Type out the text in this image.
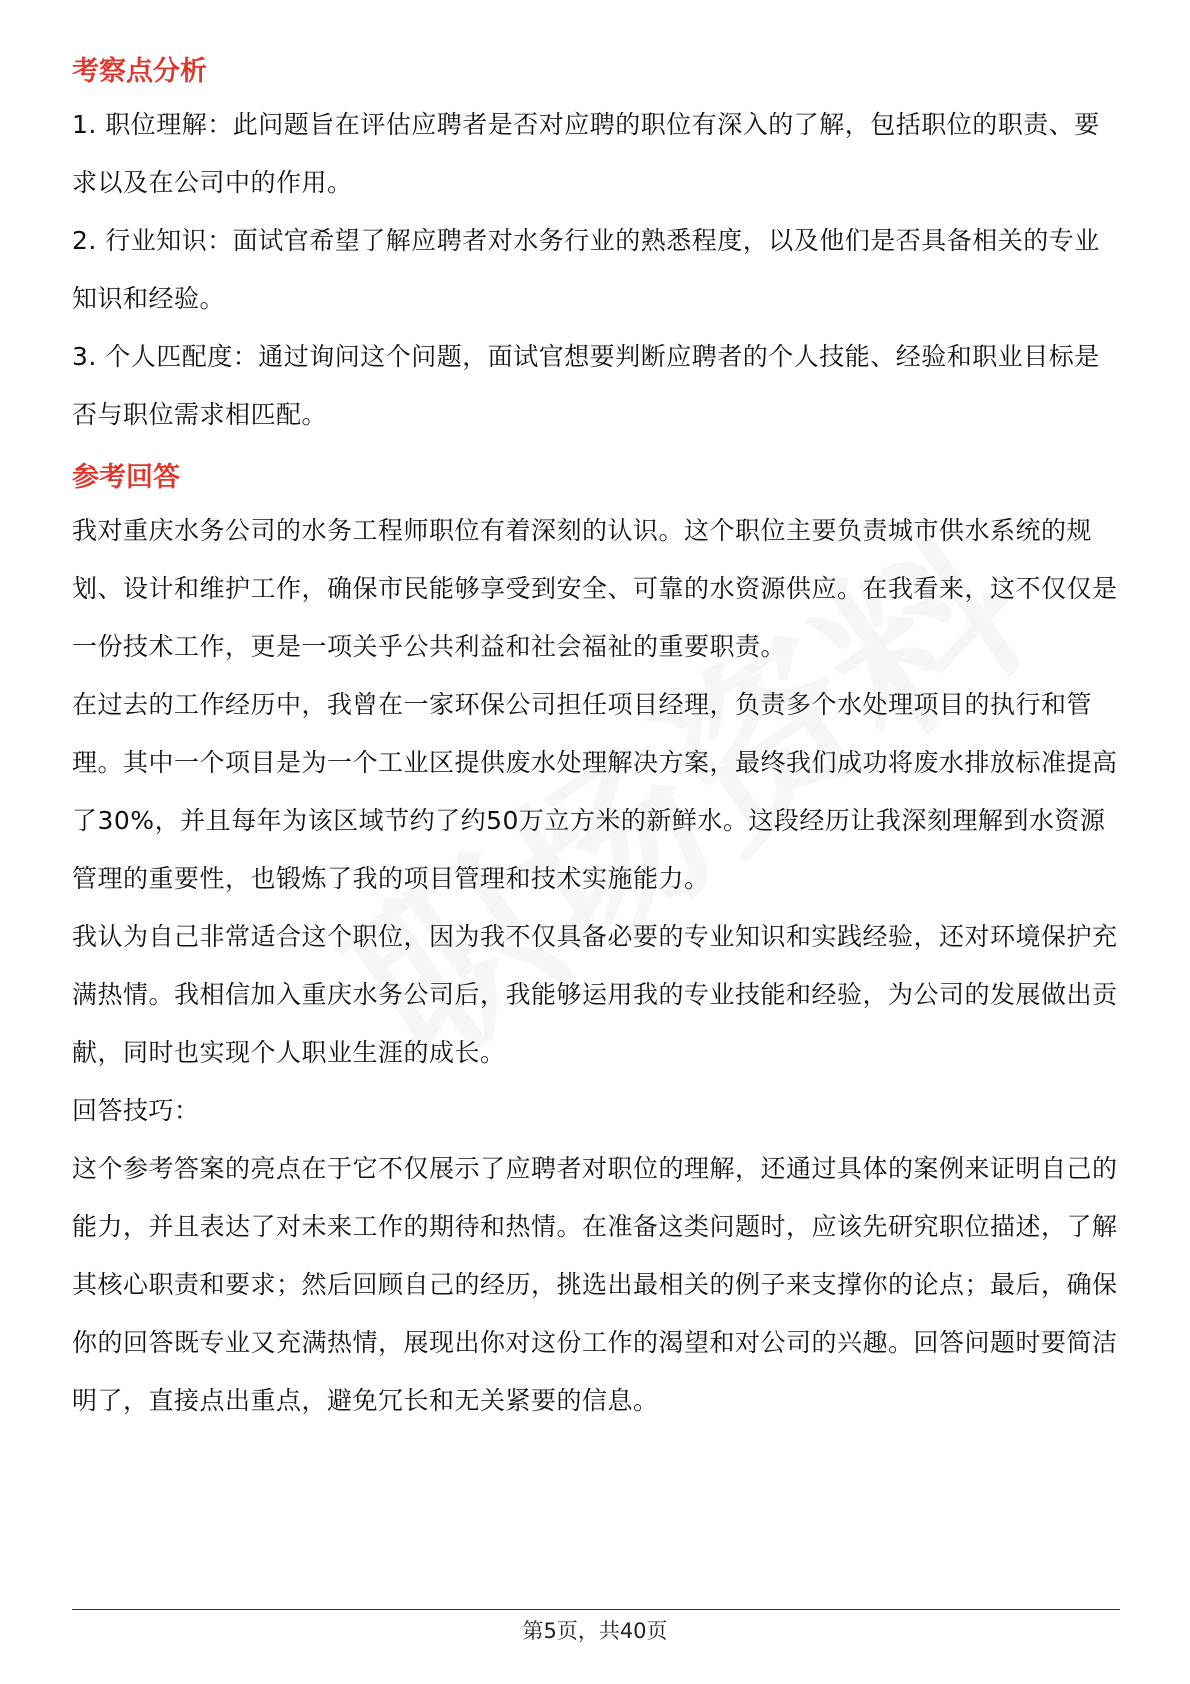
考察点分析

1. 职位理解：此问题旨在评估应聘者是否对应聘的职位有深入的了解，包括职位的职责、要求以及在公司中的作用。

2. 行业知识：面试官希望了解应聘者对水务行业的熟悉程度，以及他们是否具备相关的专业知识和经验。

3. 个人匹配度：通过询问这个问题，面试官想要判断应聘者的个人技能、经验和职业目标是否与职位需求相匹配。

参考回答

我对重庆水务公司的水务工程师职位有着深刻的认识。这个职位主要负责城市供水系统的规划、设计和维护工作，确保市民能够享受到安全、可靠的水资源供应。在我看来，这不仅仅是一份技术工作，更是一项关乎公共利益和社会福祉的重要职责。

在过去的工作经历中，我曾在一家环保公司担任项目经理，负责多个水处理项目的执行和管理。其中一个项目是为一个工业区提供废水处理解决方案，最终我们成功将废水排放标准提高了30%，并且每年为该区域节约了约50万立方米的新鲜水。这段经历让我深刻理解到水资源管理的重要性，也锻炼了我的项目管理和技术实施能力。

我认为自己非常适合这个职位，因为我不仅具备必要的专业知识和实践经验，还对环境保护充满热情。我相信加入重庆水务公司后，我能够运用我的专业技能和经验，为公司的发展做出贡献，同时也实现个人职业生涯的成长。

回答技巧：

这个参考答案的亮点在于它不仅展示了应聘者对职位的理解，还通过具体的案例来证明自己的能力，并且表达了对未来工作的期待和热情。在准备这类问题时，应该先研究职位描述，了解其核心职责和要求；然后回顾自己的经历，挑选出最相关的例子来支撑你的论点；最后，确保你的回答既专业又充满热情，展现出你对这份工作的渴望和对公司的兴趣。回答问题时要简洁明了，直接点出重点，避免冗长和无关紧要的信息。

第5页，共40页
